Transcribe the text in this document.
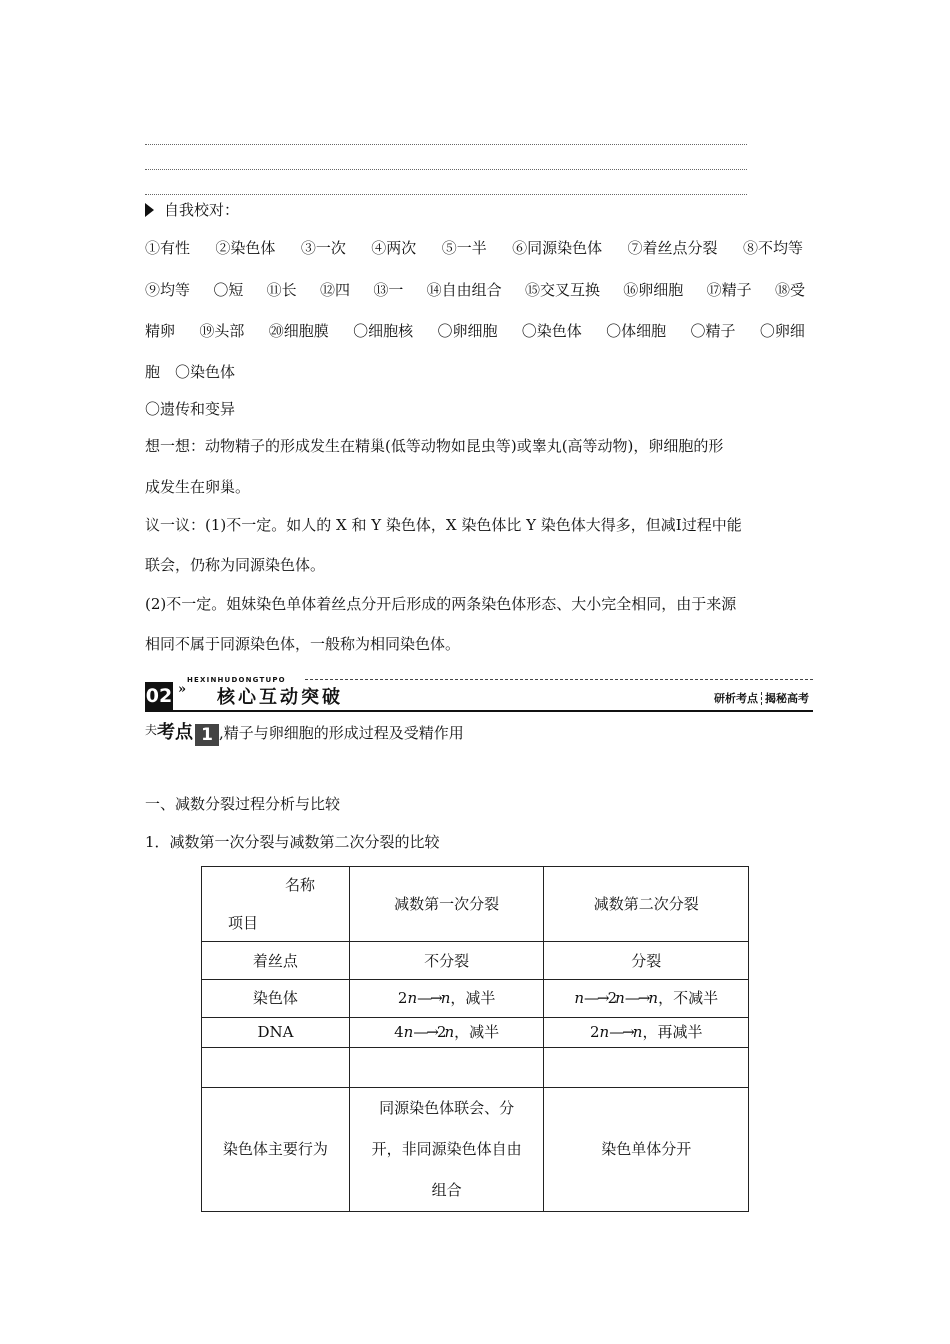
自我校对：
①有性 ②染色体 ③一次 ④两次 ⑤一半 ⑥同源染色体 ⑦着丝点分裂 ⑧不均等
⑨均等 〇短 ⑪长 ⑫四 ⑬一 ⑭自由组合 ⑮交叉互换 ⑯卵细胞 ⑰精子 ⑱受
精卵 ⑲头部 ⑳细胞膜 〇细胞核 〇卵细胞 〇染色体 〇体细胞 〇精子 〇卵细
胞　〇染色体
〇遗传和变异
想一想：动物精子的形成发生在精巢(低等动物如昆虫等)或睾丸(高等动物)，卵细胞的形
成发生在卵巢。
议一议：(1)不一定。如人的 X 和 Y 染色体，X 染色体比 Y 染色体大得多，但减Ⅰ过程中能
联会，仍称为同源染色体。
(2)不一定。姐妹染色单体着丝点分开后形成的两条染色体形态、大小完全相同，由于来源
相同不属于同源染色体，一般称为相同染色体。
HEXINHUDONGTUPO
02 » 核心互动突破	研析考点 揭秘高考
$^夫$考点 1 ,精子与卵细胞的形成过程及受精作用
一、减数分裂过程分析与比较
1．减数第一次分裂与减数第二次分裂的比较
名称
项目	减数第一次分裂	减数第二次分裂
着丝点	不分裂	分裂
染色体	2n—→n，减半	n—→2n—→n，不减半
DNA	4n—→2n，减半	2n—→n，再减半

染色体主要行为	同源染色体联会、分
开，非同源染色体自由
组合	染色单体分开
